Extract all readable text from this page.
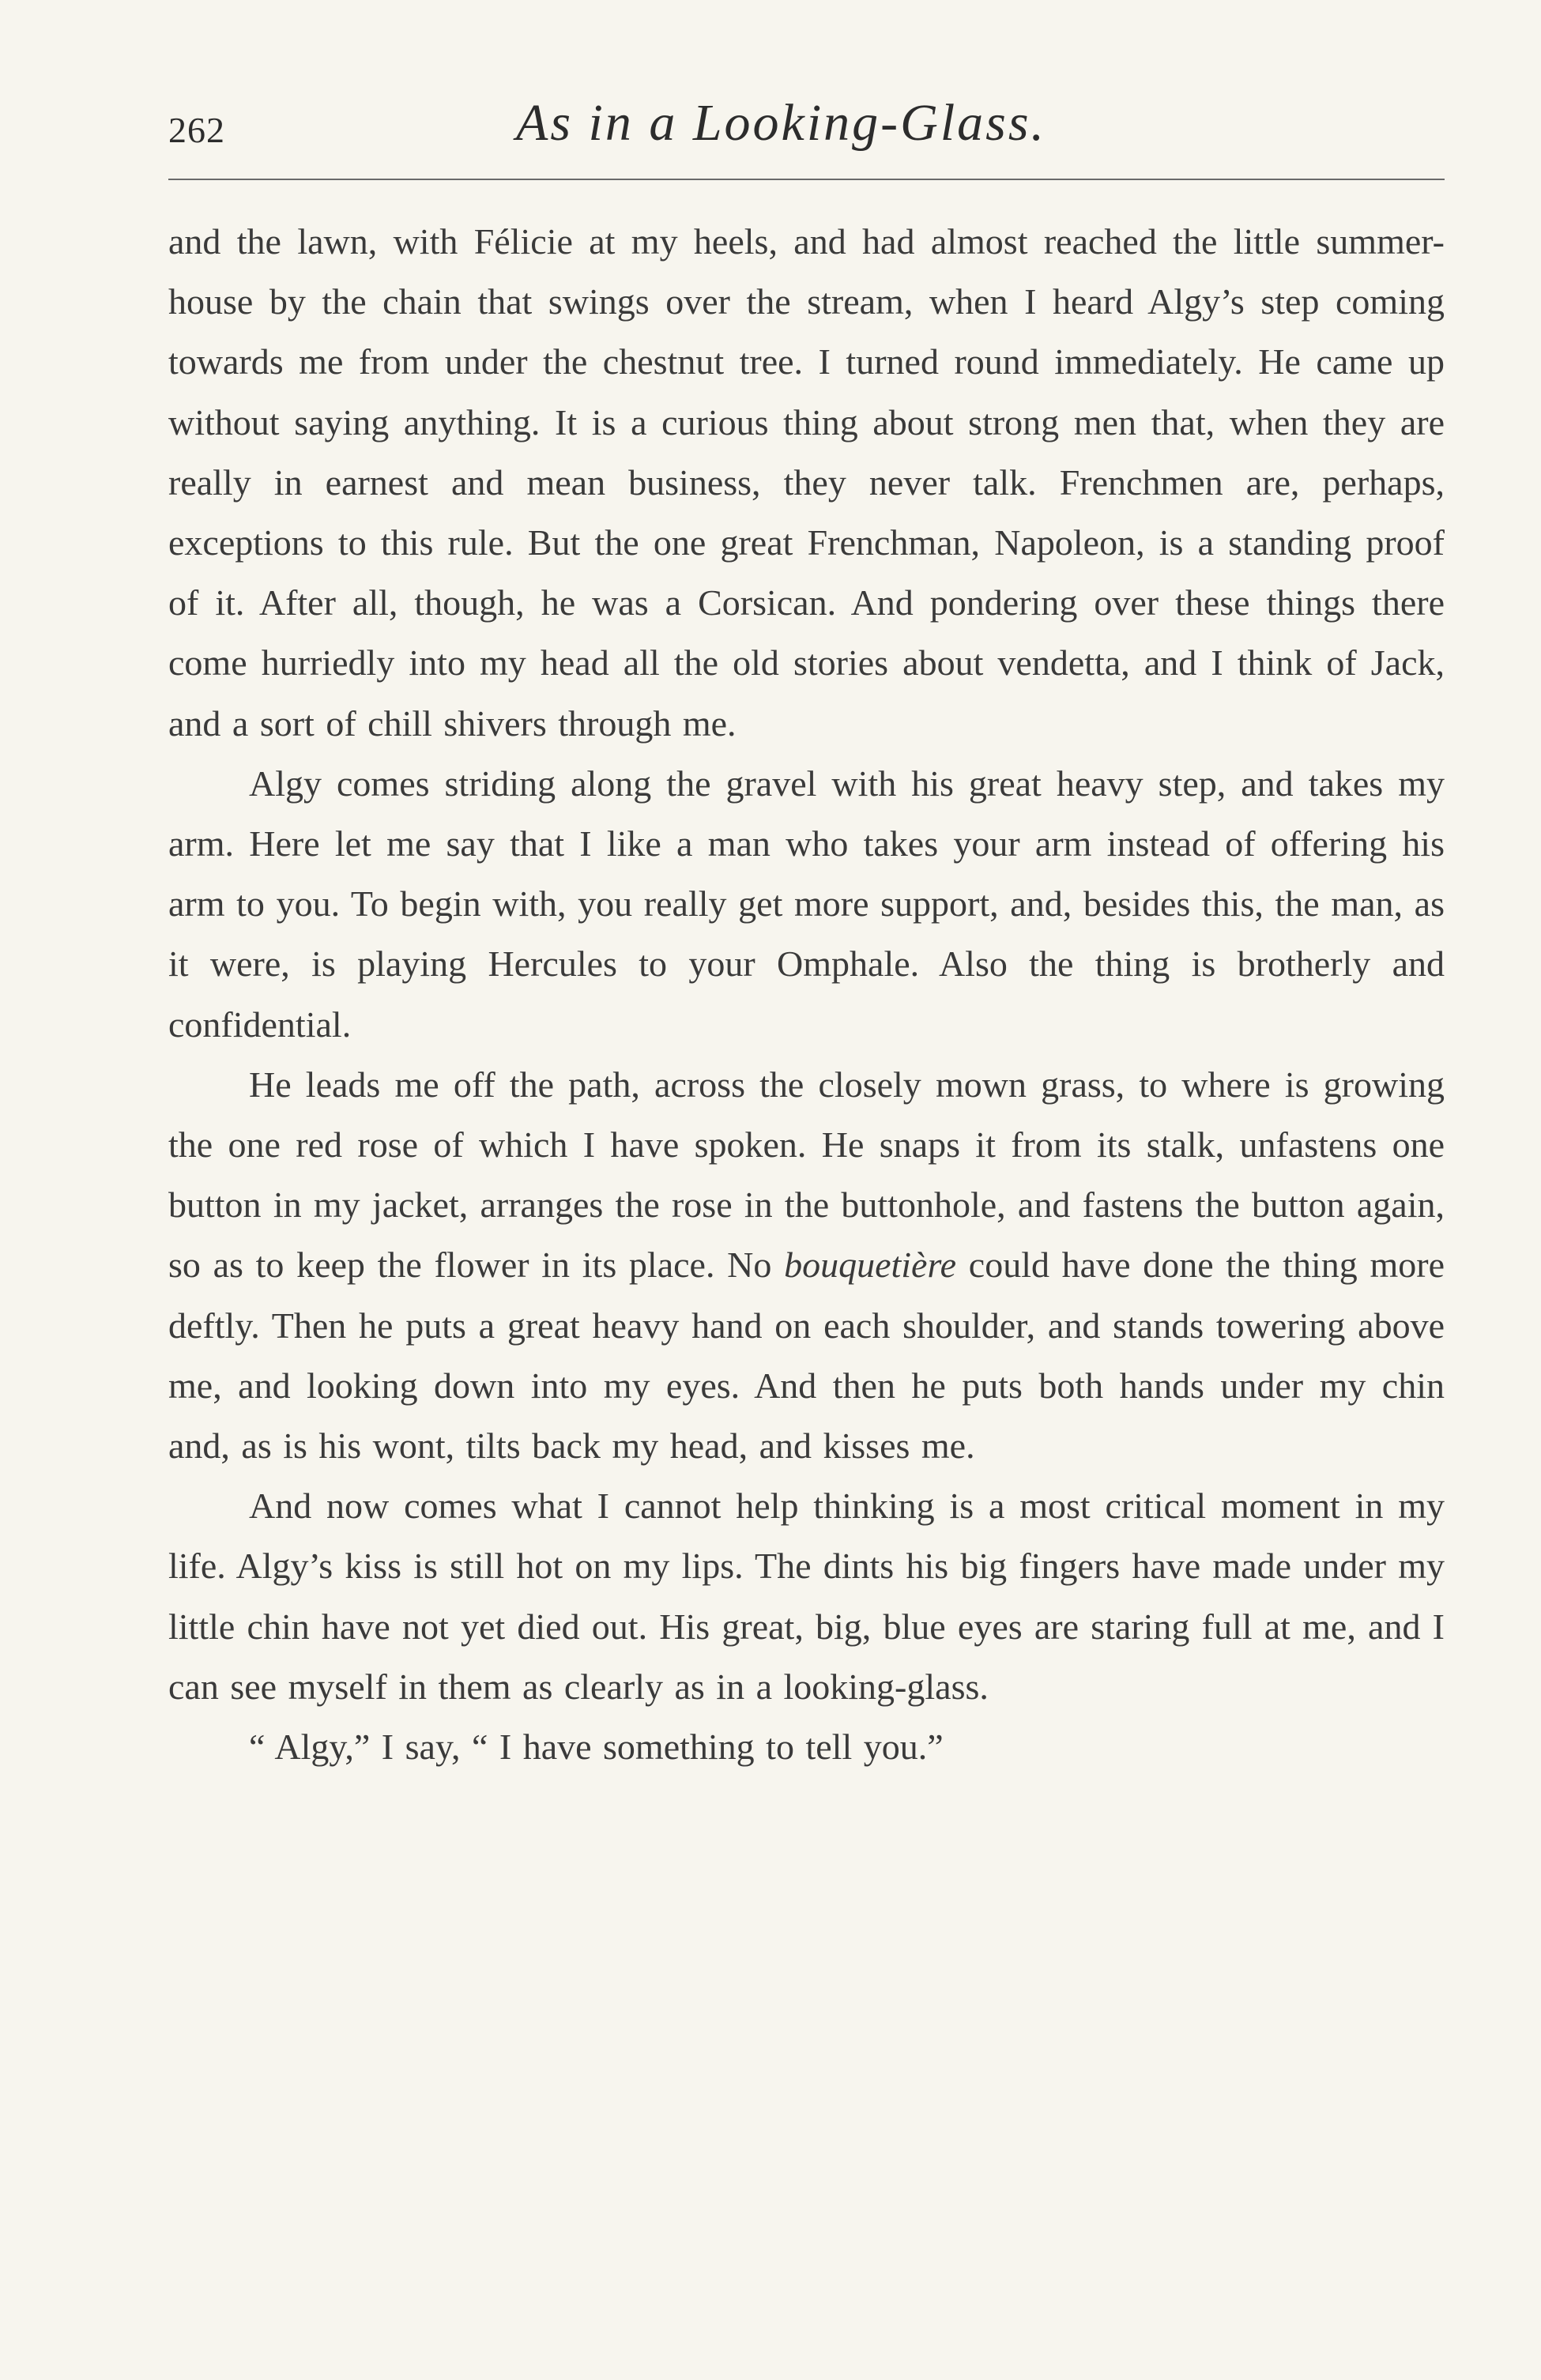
262	As in a Looking-Glass.

and the lawn, with Félicie at my heels, and had almost reached the little summer-house by the chain that swings over the stream, when I heard Algy’s step coming towards me from under the chestnut tree. I turned round immediately. He came up without saying anything. It is a curious thing about strong men that, when they are really in earnest and mean business, they never talk. Frenchmen are, perhaps, exceptions to this rule. But the one great Frenchman, Napoleon, is a standing proof of it. After all, though, he was a Corsican. And pondering over these things there come hurriedly into my head all the old stories about vendetta, and I think of Jack, and a sort of chill shivers through me.

Algy comes striding along the gravel with his great heavy step, and takes my arm. Here let me say that I like a man who takes your arm instead of offering his arm to you. To begin with, you really get more support, and, besides this, the man, as it were, is playing Hercules to your Omphale. Also the thing is brotherly and confidential.

He leads me off the path, across the closely mown grass, to where is growing the one red rose of which I have spoken. He snaps it from its stalk, unfastens one button in my jacket, arranges the rose in the buttonhole, and fastens the button again, so as to keep the flower in its place. No bouquetière could have done the thing more deftly. Then he puts a great heavy hand on each shoulder, and stands towering above me, and looking down into my eyes. And then he puts both hands under my chin and, as is his wont, tilts back my head, and kisses me.

And now comes what I cannot help thinking is a most critical moment in my life. Algy’s kiss is still hot on my lips. The dints his big fingers have made under my little chin have not yet died out. His great, big, blue eyes are staring full at me, and I can see myself in them as clearly as in a looking-glass.

“ Algy,” I say, “ I have something to tell you.”
